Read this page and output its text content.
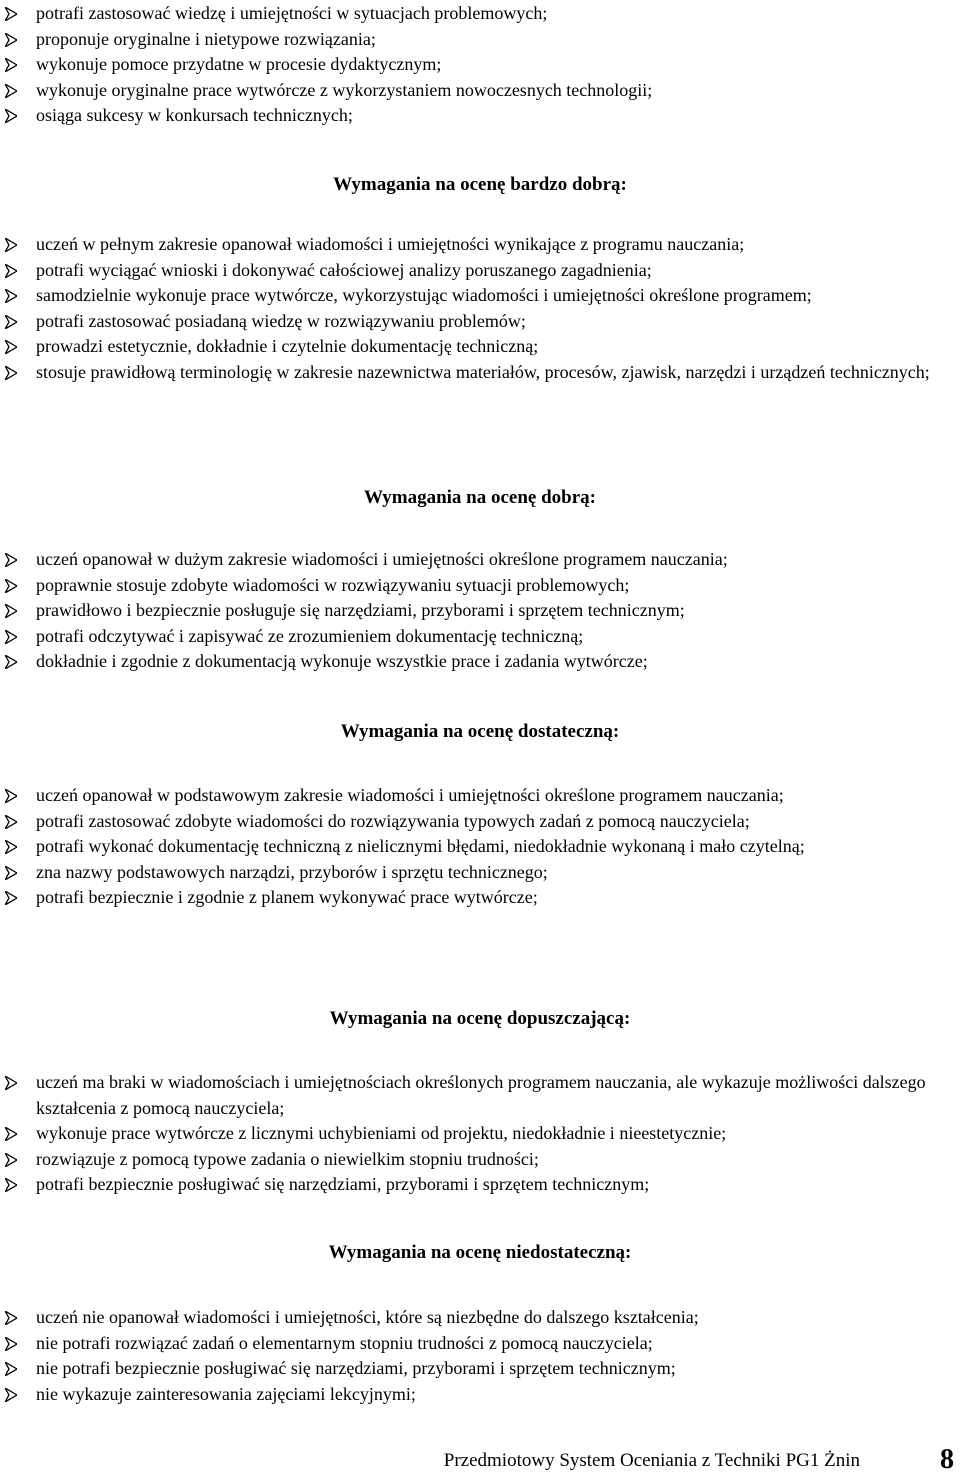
potrafi zastosować wiedzę i umiejętności w sytuacjach problemowych;
proponuje oryginalne i nietypowe rozwiązania;
wykonuje pomoce przydatne w procesie dydaktycznym;
wykonuje oryginalne prace wytwórcze z wykorzystaniem nowoczesnych technologii;
osiąga sukcesy w konkursach technicznych;
Wymagania na ocenę bardzo dobrą:
uczeń w pełnym zakresie opanował wiadomości i umiejętności wynikające z programu nauczania;
potrafi wyciągać wnioski i dokonywać całościowej analizy poruszanego zagadnienia;
samodzielnie wykonuje prace wytwórcze, wykorzystując wiadomości i umiejętności określone programem;
potrafi zastosować posiadaną wiedzę w rozwiązywaniu problemów;
prowadzi estetycznie, dokładnie i czytelnie dokumentację techniczną;
stosuje prawidłową terminologię w zakresie nazewnictwa materiałów, procesów, zjawisk, narzędzi i urządzeń technicznych;
Wymagania na ocenę dobrą:
uczeń opanował w dużym zakresie wiadomości i umiejętności określone programem nauczania;
poprawnie stosuje zdobyte wiadomości w rozwiązywaniu sytuacji problemowych;
prawidłowo i bezpiecznie posługuje się narzędziami, przyborami i sprzętem technicznym;
potrafi odczytywać i zapisywać ze zrozumieniem dokumentację techniczną;
dokładnie i zgodnie z dokumentacją wykonuje wszystkie prace i zadania wytwórcze;
Wymagania na ocenę dostateczną:
uczeń opanował w podstawowym zakresie wiadomości i umiejętności określone programem nauczania;
potrafi zastosować zdobyte wiadomości do rozwiązywania typowych zadań z pomocą nauczyciela;
potrafi wykonać dokumentację techniczną z nielicznymi błędami, niedokładnie wykonaną i mało czytelną;
zna nazwy podstawowych narządzi, przyborów i sprzętu technicznego;
potrafi bezpiecznie i zgodnie z planem wykonywać prace wytwórcze;
Wymagania na ocenę dopuszczającą:
uczeń ma braki w wiadomościach i umiejętnościach określonych programem nauczania, ale wykazuje możliwości dalszego kształcenia z pomocą nauczyciela;
wykonuje prace wytwórcze z licznymi uchybieniami od projektu, niedokładnie i nieestetycznie;
rozwiązuje z pomocą typowe zadania o niewielkim stopniu trudności;
potrafi bezpiecznie posługiwać się narzędziami, przyborami i sprzętem technicznym;
Wymagania na ocenę niedostateczną:
uczeń nie opanował wiadomości i umiejętności, które są niezbędne do dalszego kształcenia;
nie potrafi rozwiązać zadań o elementarnym stopniu trudności z pomocą nauczyciela;
nie potrafi bezpiecznie posługiwać się narzędziami, przyborami i sprzętem technicznym;
nie wykazuje zainteresowania zajęciami lekcyjnymi;
Przedmiotowy System Oceniania z Techniki PG1 Żnin	8
